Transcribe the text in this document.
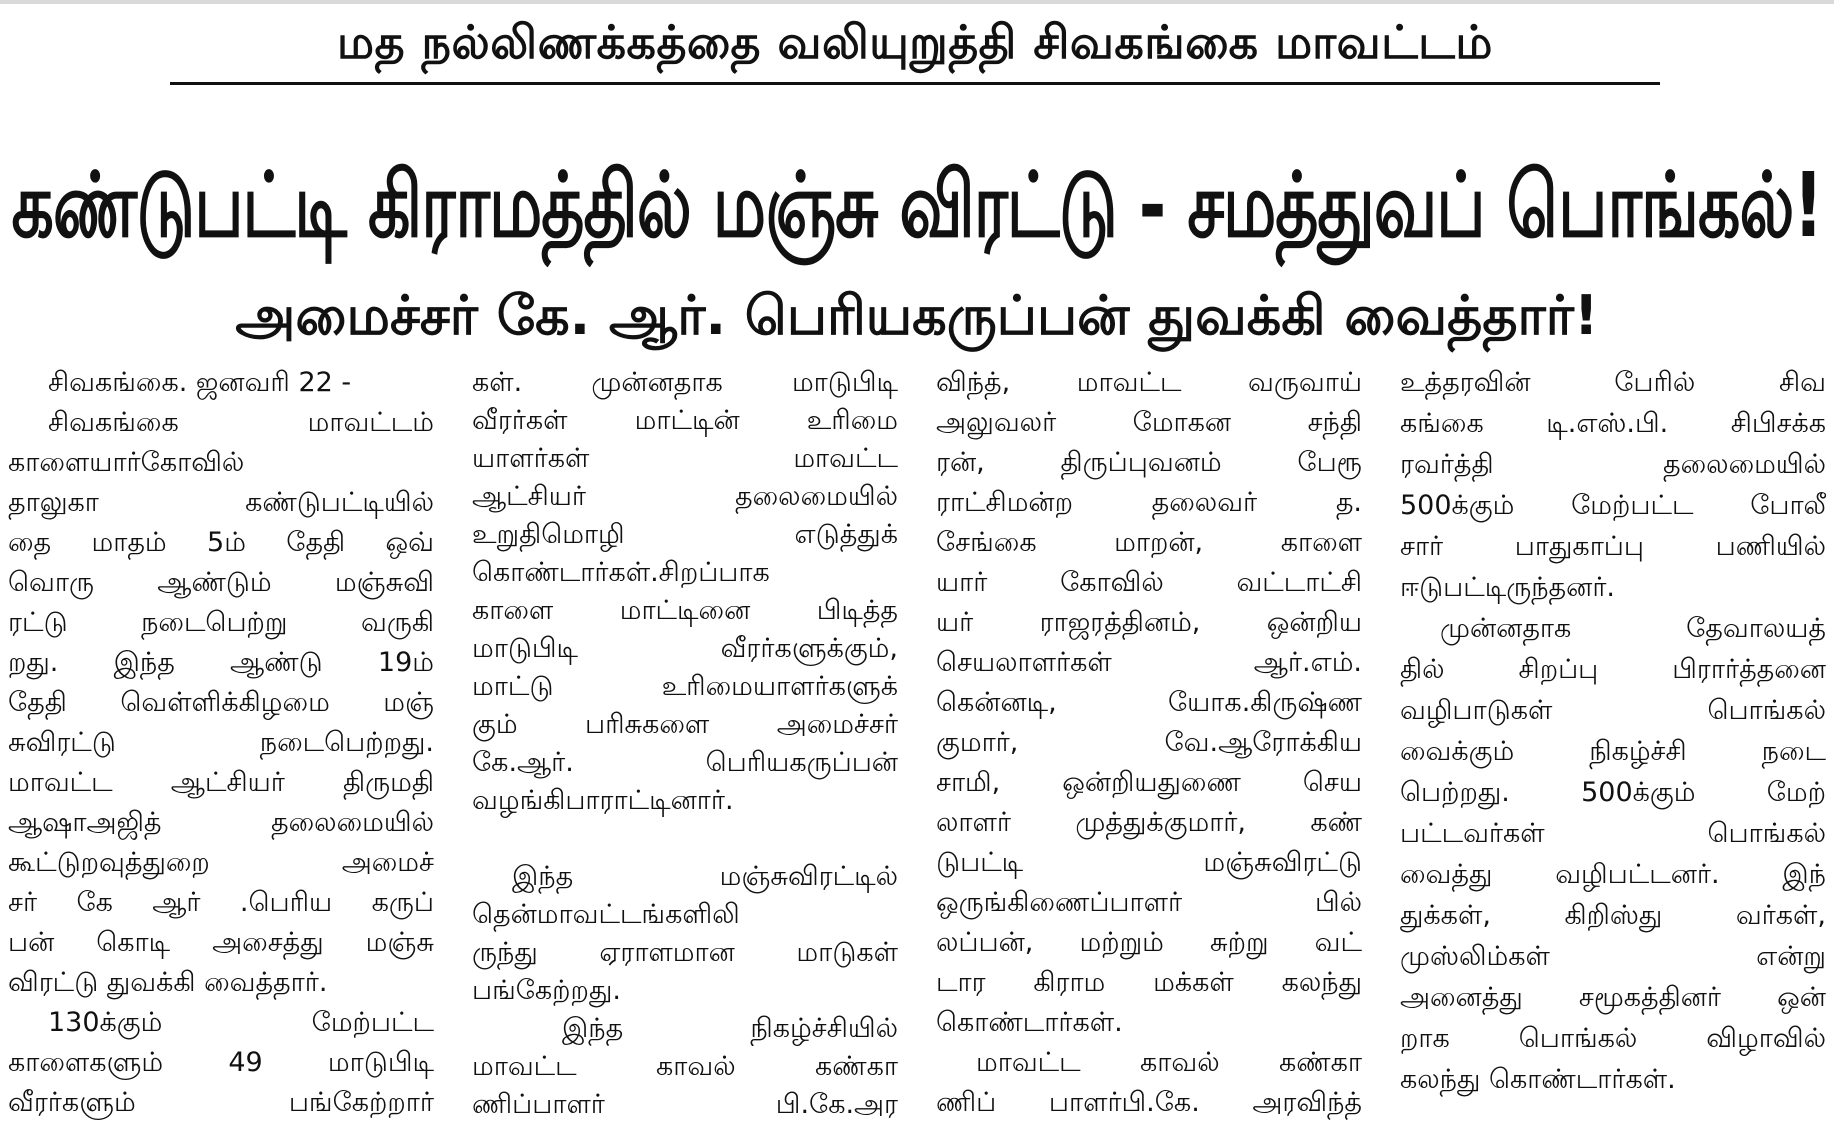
மத நல்லிணக்கத்தை வலியுறுத்தி சிவகங்கை மாவட்டம்
கண்டுபட்டி கிராமத்தில் மஞ்சு விரட்டு - சமத்துவப் பொங்கல்!
அமைச்சர் கே. ஆர். பெரியகருப்பன் துவக்கி வைத்தார்!
சிவகங்கை. ஜனவரி 22 -
சிவகங்கை மாவட்டம்
காளையார்கோவில்
தாலுகா கண்டுபட்டியில்
தை மாதம் 5ம் தேதி ஒவ்
வொரு ஆண்டும் மஞ்சுவி
ரட்டு நடைபெற்று வருகி
றது. இந்த ஆண்டு 19ம்
தேதி வெள்ளிக்கிழமை மஞ்
சுவிரட்டு நடைபெற்றது.
மாவட்ட ஆட்சியர் திருமதி
ஆஷாஅஜித் தலைமையில்
கூட்டுறவுத்துறை அமைச்
சர் கே ஆர் .பெரிய கருப்
பன் கொடி அசைத்து மஞ்சு
விரட்டு துவக்கி வைத்தார்.
130க்கும் மேற்பட்ட
காளைகளும் 49 மாடுபிடி
வீரர்களும் பங்கேற்றார்
கள். முன்னதாக மாடுபிடி
வீரர்கள் மாட்டின் உரிமை
யாளர்கள் மாவட்ட
ஆட்சியர் தலைமையில்
உறுதிமொழி எடுத்துக்
கொண்டார்கள்.சிறப்பாக
காளை மாட்டினை பிடித்த
மாடுபிடி வீரர்களுக்கும்,
மாட்டு உரிமையாளர்களுக்
கும் பரிசுகளை அமைச்சர்
கே.ஆர். பெரியகருப்பன்
வழங்கிபாராட்டினார்.
இந்த மஞ்சுவிரட்டில்
தென்மாவட்டங்களிலி
ருந்து ஏராளமான மாடுகள்
பங்கேற்றது.
இந்த நிகழ்ச்சியில்
மாவட்ட காவல் கண்கா
ணிப்பாளர் பி.கே.அர
விந்த், மாவட்ட வருவாய்
அலுவலர் மோகன சந்தி
ரன், திருப்புவனம் பேரூ
ராட்சிமன்ற தலைவர் த.
சேங்கை மாறன், காளை
யார் கோவில் வட்டாட்சி
யர் ராஜரத்தினம், ஒன்றிய
செயலாளர்கள் ஆர்.எம்.
கென்னடி, யோக.கிருஷ்ண
குமார், வே.ஆரோக்கிய
சாமி, ஒன்றியதுணை செய
லாளர் முத்துக்குமார், கண்
டுபட்டி மஞ்சுவிரட்டு
ஒருங்கிணைப்பாளர் பில்
லப்பன், மற்றும் சுற்று வட்
டார கிராம மக்கள் கலந்து
கொண்டார்கள்.
மாவட்ட காவல் கண்கா
ணிப் பாளர்பி.கே. அரவிந்த்
உத்தரவின் பேரில் சிவ
கங்கை டி.எஸ்.பி. சிபிசக்க
ரவர்த்தி தலைமையில்
500க்கும் மேற்பட்ட போலீ
சார் பாதுகாப்பு பணியில்
ஈடுபட்டிருந்தனர்.
முன்னதாக தேவாலயத்
தில் சிறப்பு பிரார்த்தனை
வழிபாடுகள் பொங்கல்
வைக்கும் நிகழ்ச்சி நடை
பெற்றது. 500க்கும் மேற்
பட்டவர்கள் பொங்கல்
வைத்து வழிபட்டனர். இந்
துக்கள், கிறிஸ்து வர்கள்,
முஸ்லிம்கள் என்று
அனைத்து சமூகத்தினர் ஒன்
றாக பொங்கல் விழாவில்
கலந்து கொண்டார்கள்.
